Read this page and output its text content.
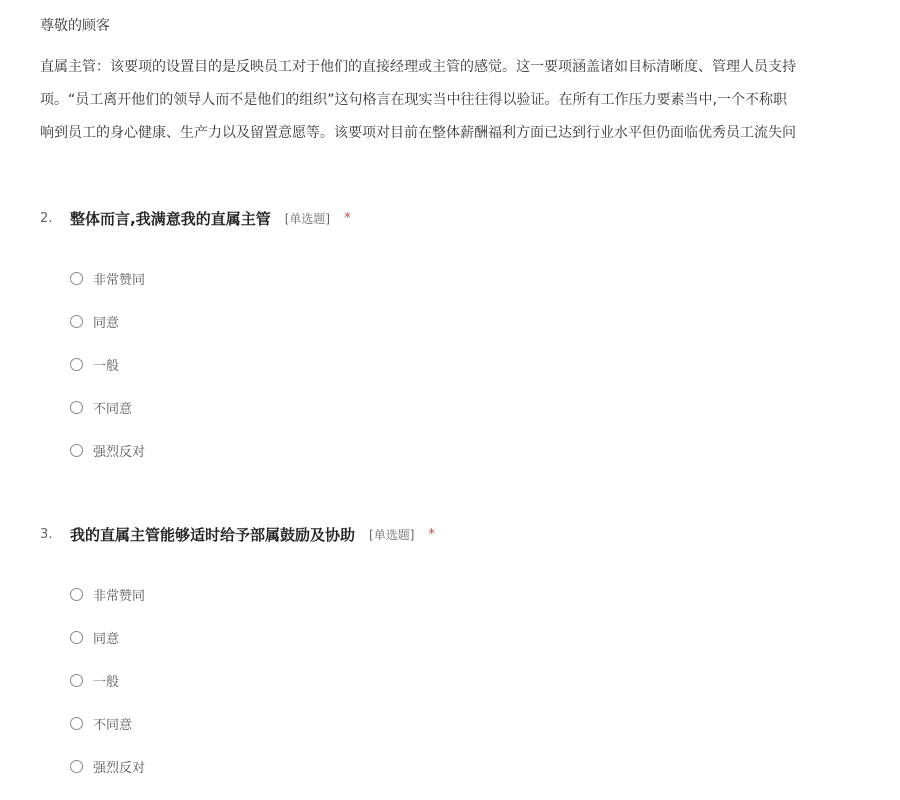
尊敬的顾客
直属主管：该要项的设置目的是反映员工对于他们的直接经理或主管的感觉。这一要项涵盖诸如目标清晰度、管理人员支持
项。“员工离开他们的领导人而不是他们的组织”这句格言在现实当中往往得以验证。在所有工作压力要素当中,一个不称职
响到员工的身心健康、生产力以及留置意愿等。该要项对目前在整体薪酬福利方面已达到行业水平但仍面临优秀员工流失问
2.	整体而言,我满意我的直属主管 [单选题] *
非常赞同
同意
一般
不同意
强烈反对
3.	我的直属主管能够适时给予部属鼓励及协助 [单选题] *
非常赞同
同意
一般
不同意
强烈反对
